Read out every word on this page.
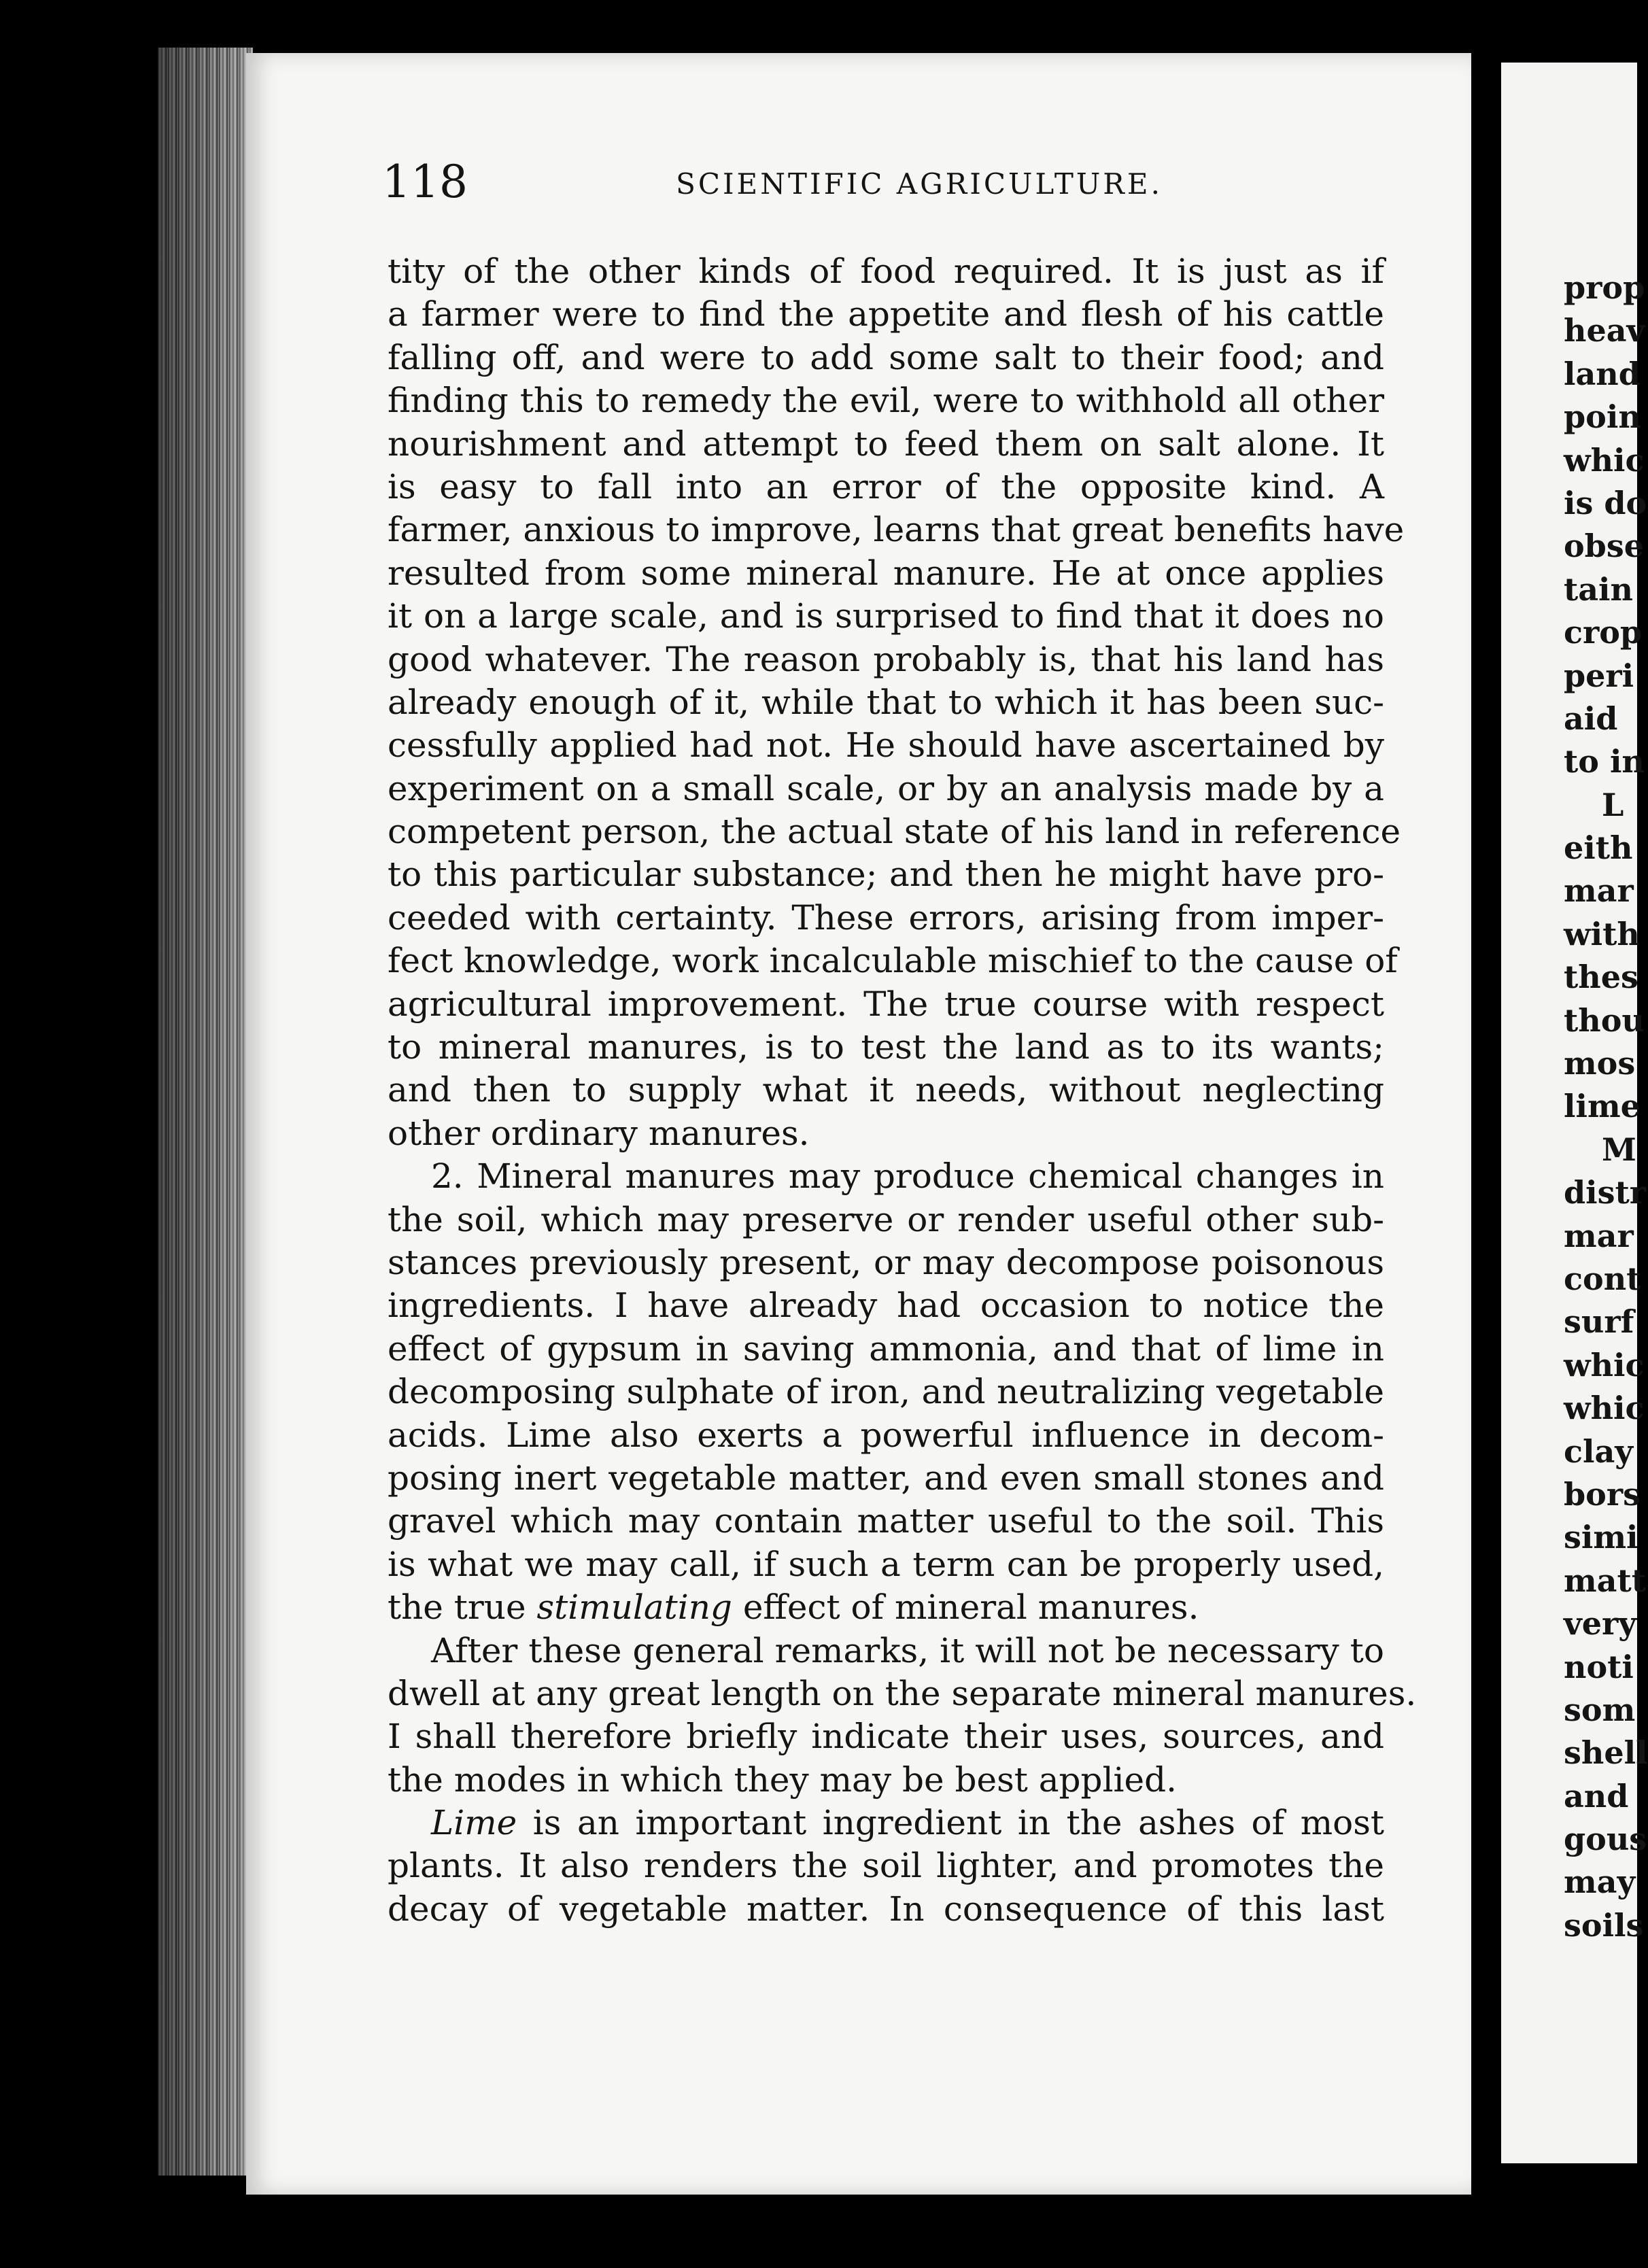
118	SCIENTIFIC AGRICULTURE.
tity of the other kinds of food required. It is just as if
a farmer were to find the appetite and flesh of his cattle
falling off, and were to add some salt to their food; and
finding this to remedy the evil, were to withhold all other
nourishment and attempt to feed them on salt alone. It
is easy to fall into an error of the opposite kind. A
farmer, anxious to improve, learns that great benefits have
resulted from some mineral manure. He at once applies
it on a large scale, and is surprised to find that it does no
good whatever. The reason probably is, that his land has
already enough of it, while that to which it has been suc-
cessfully applied had not. He should have ascertained by
experiment on a small scale, or by an analysis made by a
competent person, the actual state of his land in reference
to this particular substance; and then he might have pro-
ceeded with certainty. These errors, arising from imper-
fect knowledge, work incalculable mischief to the cause of
agricultural improvement. The true course with respect
to mineral manures, is to test the land as to its wants;
and then to supply what it needs, without neglecting
other ordinary manures.
2. Mineral manures may produce chemical changes in
the soil, which may preserve or render useful other sub-
stances previously present, or may decompose poisonous
ingredients. I have already had occasion to notice the
effect of gypsum in saving ammonia, and that of lime in
decomposing sulphate of iron, and neutralizing vegetable
acids. Lime also exerts a powerful influence in decom-
posing inert vegetable matter, and even small stones and
gravel which may contain matter useful to the soil. This
is what we may call, if such a term can be properly used,
the true stimulating effect of mineral manures.
After these general remarks, it will not be necessary to
dwell at any great length on the separate mineral manures.
I shall therefore briefly indicate their uses, sources, and
the modes in which they may be best applied.
Lime is an important ingredient in the ashes of most
plants. It also renders the soil lighter, and promotes the
decay of vegetable matter. In consequence of this last
prop
heav
land
poin
whic
is do
obse
tain
crop
peri
aid
to in
L
eith
mar
with
thes
thou
mos
lime
M
distr
mar
cont
surf
whic
whic
clay
bors
simi
matt
very
noti
som
shell
and
gous
may
soils
